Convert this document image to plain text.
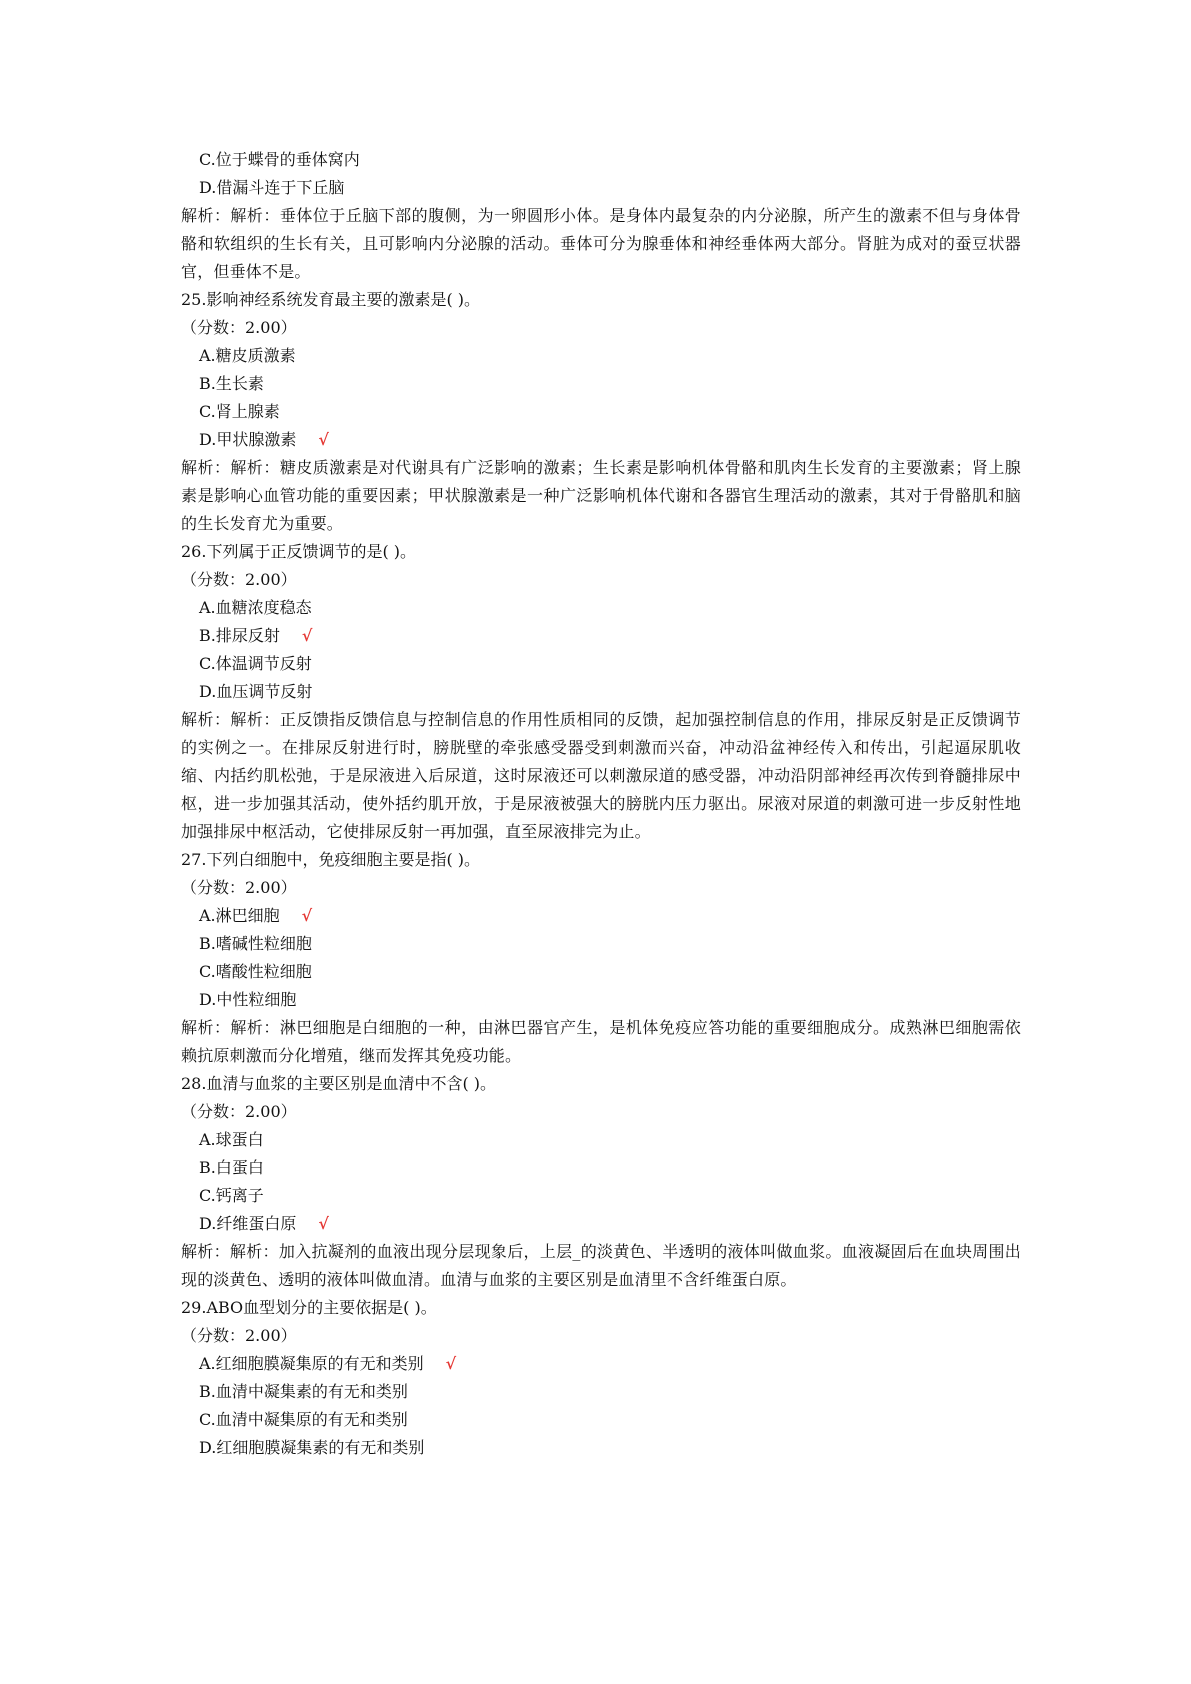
C.位于蝶骨的垂体窝内
D.借漏斗连于下丘脑
解析：解析：垂体位于丘脑下部的腹侧，为一卵圆形小体。是身体内最复杂的内分泌腺，所产生的激素不但与身体骨骼和软组织的生长有关，且可影响内分泌腺的活动。垂体可分为腺垂体和神经垂体两大部分。肾脏为成对的蚕豆状器官，但垂体不是。
25.影响神经系统发育最主要的激素是( )。
（分数：2.00）
A.糖皮质激素
B.生长素
C.肾上腺素
D.甲状腺激素 √
解析：解析：糖皮质激素是对代谢具有广泛影响的激素；生长素是影响机体骨骼和肌肉生长发育的主要激素；肾上腺素是影响心血管功能的重要因素；甲状腺激素是一种广泛影响机体代谢和各器官生理活动的激素，其对于骨骼肌和脑的生长发育尤为重要。
26.下列属于正反馈调节的是( )。
（分数：2.00）
A.血糖浓度稳态
B.排尿反射 √
C.体温调节反射
D.血压调节反射
解析：解析：正反馈指反馈信息与控制信息的作用性质相同的反馈，起加强控制信息的作用，排尿反射是正反馈调节的实例之一。在排尿反射进行时，膀胱壁的牵张感受器受到刺激而兴奋，冲动沿盆神经传入和传出，引起逼尿肌收缩、内括约肌松弛，于是尿液进入后尿道，这时尿液还可以刺激尿道的感受器，冲动沿阴部神经再次传到脊髓排尿中枢，进一步加强其活动，使外括约肌开放，于是尿液被强大的膀胱内压力驱出。尿液对尿道的刺激可进一步反射性地加强排尿中枢活动，它使排尿反射一再加强，直至尿液排完为止。
27.下列白细胞中，免疫细胞主要是指( )。
（分数：2.00）
A.淋巴细胞 √
B.嗜碱性粒细胞
C.嗜酸性粒细胞
D.中性粒细胞
解析：解析：淋巴细胞是白细胞的一种，由淋巴器官产生，是机体免疫应答功能的重要细胞成分。成熟淋巴细胞需依赖抗原刺激而分化增殖，继而发挥其免疫功能。
28.血清与血浆的主要区别是血清中不含( )。
（分数：2.00）
A.球蛋白
B.白蛋白
C.钙离子
D.纤维蛋白原 √
解析：解析：加入抗凝剂的血液出现分层现象后，上层_的淡黄色、半透明的液体叫做血浆。血液凝固后在血块周围出现的淡黄色、透明的液体叫做血清。血清与血浆的主要区别是血清里不含纤维蛋白原。
29.ABO血型划分的主要依据是( )。
（分数：2.00）
A.红细胞膜凝集原的有无和类别 √
B.血清中凝集素的有无和类别
C.血清中凝集原的有无和类别
D.红细胞膜凝集素的有无和类别
